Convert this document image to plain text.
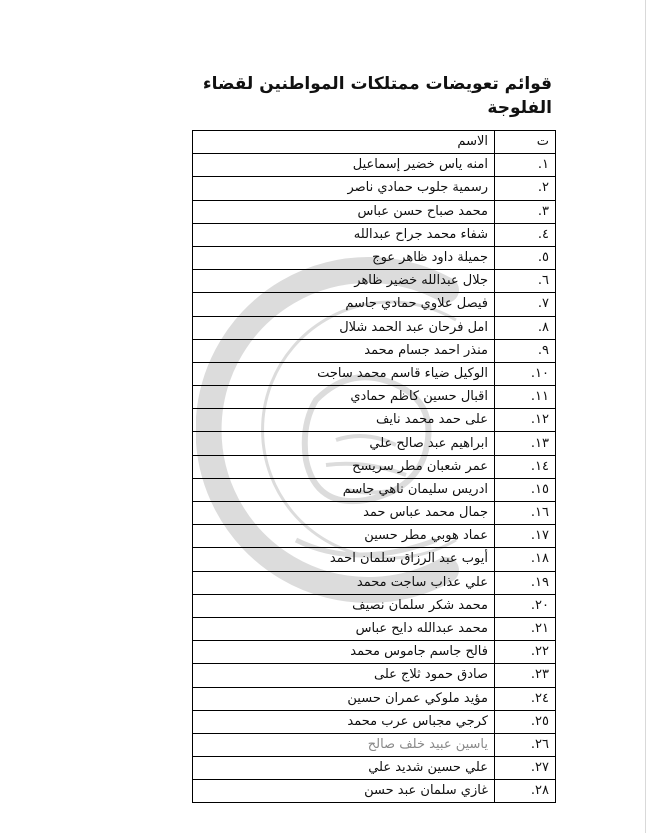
قوائم تعويضات ممتلكات المواطنين لقضاء الفلوجة
ت	الاسم
١.	امنه ياس خضير إسماعيل
٢.	رسمية جلوب حمادي ناصر
٣.	محمد صباح حسن عباس
٤.	شفاء محمد جراح عبدالله
٥.	جميلة داود ظاهر عوج
٦.	جلال عبدالله خضير ظاهر
٧.	فيصل علاوي حمادي جاسم
٨.	امل فرحان عبد الحمد شلال
٩.	منذر احمد جسام محمد
١٠.	الوكيل ضياء قاسم محمد ساجت
١١.	اقبال حسين كاظم حمادي
١٢.	على حمد محمد نايف
١٣.	ابراهيم عبد صالح علي
١٤.	عمر شعبان مطر سريسح
١٥.	ادريس سليمان ناهي جاسم
١٦.	جمال محمد عباس حمد
١٧.	عماد هوبي مطر حسين
١٨.	أيوب عبد الرزاق سلمان احمد
١٩.	علي عذاب ساجت محمد
٢٠.	محمد شكر سلمان نصيف
٢١.	محمد عبدالله دايح عباس
٢٢.	فالح جاسم جاموس محمد
٢٣.	صادق حمود ثلاج على
٢٤.	مؤيد ملوكي عمران حسين
٢٥.	كرجي مجباس عرب محمد
٢٦.	ياسين عبيد خلف صالح
٢٧.	علي حسين شديد علي
٢٨.	غازي سلمان عبد حسن
